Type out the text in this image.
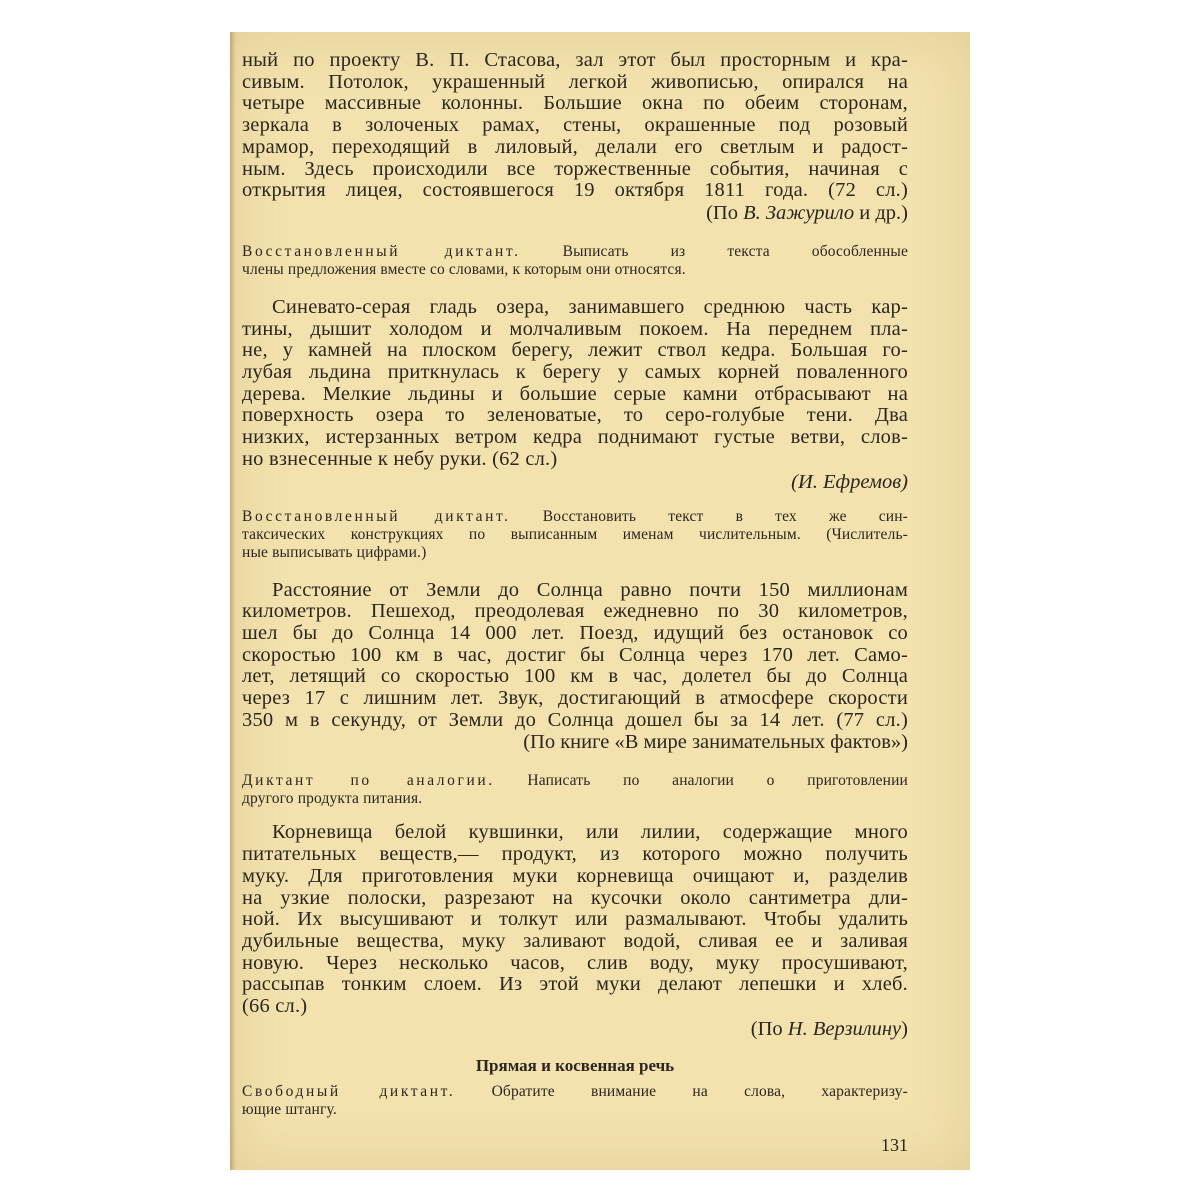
ный по проекту В. П. Стасова, зал этот был просторным и кра-
сивым. Потолок, украшенный легкой живописью, опирался на
четыре массивные колонны. Большие окна по обеим сторонам,
зеркала в золоченых рамах, стены, окрашенные под розовый
мрамор, переходящий в лиловый, делали его светлым и радост-
ным. Здесь происходили все торжественные события, начиная с
открытия лицея, состоявшегося 19 октября 1811 года. (72 сл.)
(По В. Зажурило и др.)
Восстановленный диктант. Выписать из текста обособленные
члены предложения вместе со словами, к которым они относятся.
Синевато-серая гладь озера, занимавшего среднюю часть кар-
тины, дышит холодом и молчаливым покоем. На переднем пла-
не, у камней на плоском берегу, лежит ствол кедра. Большая го-
лубая льдина приткнулась к берегу у самых корней поваленного
дерева. Мелкие льдины и большие серые камни отбрасывают на
поверхность озера то зеленоватые, то серо-голубые тени. Два
низких, истерзанных ветром кедра поднимают густые ветви, слов-
но взнесенные к небу руки. (62 сл.)
(И. Ефремов)
Восстановленный диктант. Восстановить текст в тех же син-
таксических конструкциях по выписанным именам числительным. (Числитель-
ные выписывать цифрами.)
Расстояние от Земли до Солнца равно почти 150 миллионам
километров. Пешеход, преодолевая ежедневно по 30 километров,
шел бы до Солнца 14 000 лет. Поезд, идущий без остановок со
скоростью 100 км в час, достиг бы Солнца через 170 лет. Само-
лет, летящий со скоростью 100 км в час, долетел бы до Солнца
через 17 с лишним лет. Звук, достигающий в атмосфере скорости
350 м в секунду, от Земли до Солнца дошел бы за 14 лет. (77 сл.)
(По книге «В мире занимательных фактов»)
Диктант по аналогии. Написать по аналогии о приготовлении
другого продукта питания.
Корневища белой кувшинки, или лилии, содержащие много
питательных веществ,— продукт, из которого можно получить
муку. Для приготовления муки корневища очищают и, разделив
на узкие полоски, разрезают на кусочки около сантиметра дли-
ной. Их высушивают и толкут или размалывают. Чтобы удалить
дубильные вещества, муку заливают водой, сливая ее и заливая
новую. Через несколько часов, слив воду, муку просушивают,
рассыпав тонким слоем. Из этой муки делают лепешки и хлеб.
(66 сл.)
(По Н. Верзилину)
Прямая и косвенная речь
Свободный диктант. Обратите внимание на слова, характеризу-
ющие штангу.
131
